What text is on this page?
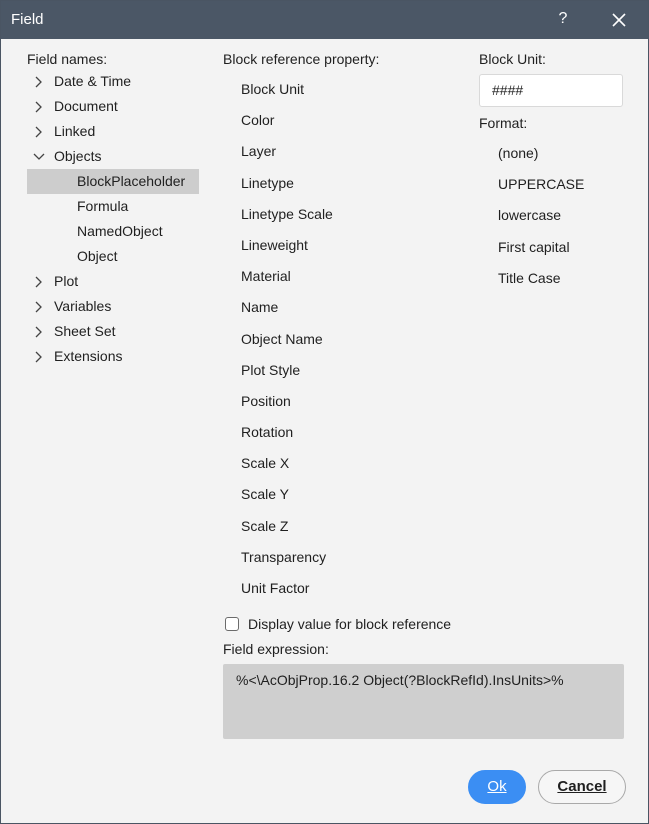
Field	?
Field names:
Date & Time
Document
Linked
Objects
BlockPlaceholder
Formula
NamedObject
Object
Plot
Variables
Sheet Set
Extensions
Block reference property:
Block Unit
Color
Layer
Linetype
Linetype Scale
Lineweight
Material
Name
Object Name
Plot Style
Position
Rotation
Scale X
Scale Y
Scale Z
Transparency
Unit Factor
Block Unit:
####
Format:
(none)
UPPERCASE
lowercase
First capital
Title Case
Display value for block reference
Field expression:
%<\AcObjProp.16.2 Object(?BlockRefId).InsUnits>%
Ok	Cancel
